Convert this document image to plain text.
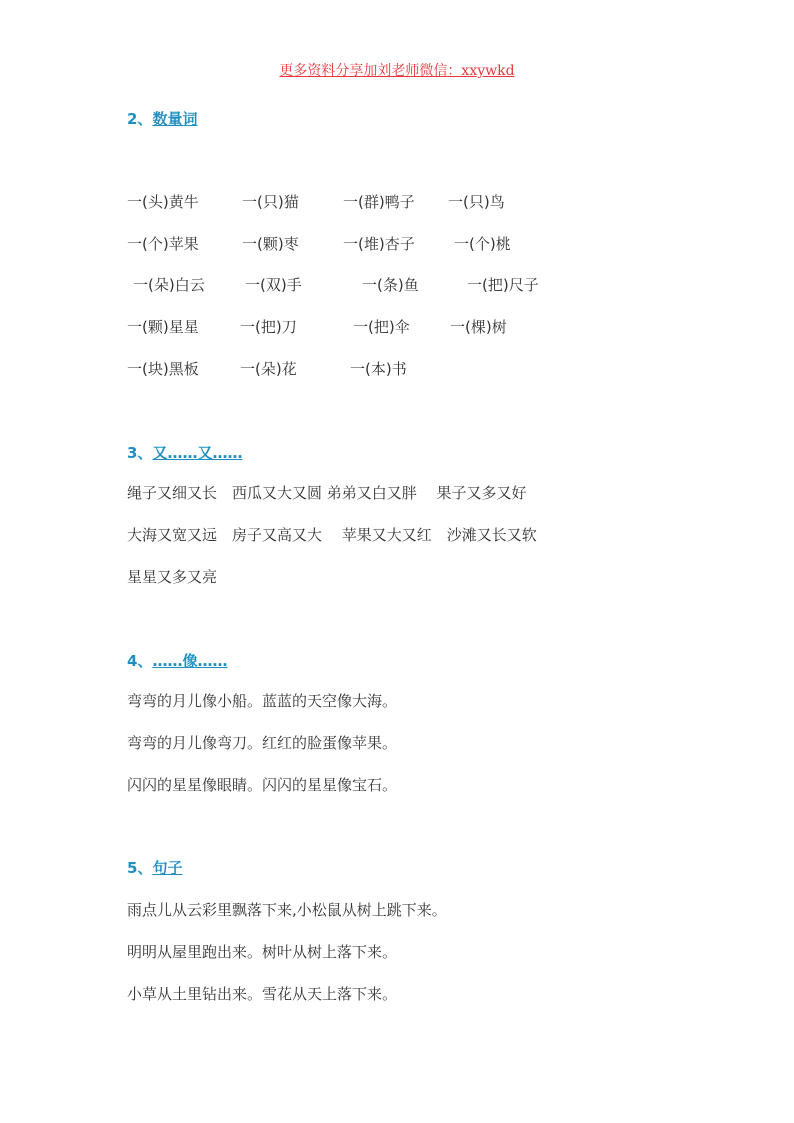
更多资料分享加刘老师微信：xxywkd
2、数量词
一(头)黄牛	一(只)猫	一(群)鸭子 一(只)鸟
一(个)苹果	一(颗)枣	一(堆)杏子	一(个)桃
一(朵)白云	一(双)手	一(条)鱼	一(把)尺子
一(颗)星星	一(把)刀	一(把)伞	一(棵)树
一(块)黑板	一(朵)花	一(本)书
3、又……又……
绳子又细又长　西瓜又大又圆 弟弟又白又胖　 果子又多又好
大海又宽又远　房子又高又大　 苹果又大又红　沙滩又长又软
星星又多又亮
4、……像……
弯弯的月儿像小船。蓝蓝的天空像大海。
弯弯的月儿像弯刀。红红的脸蛋像苹果。
闪闪的星星像眼睛。闪闪的星星像宝石。
5、句子
雨点儿从云彩里飘落下来,小松鼠从树上跳下来。
明明从屋里跑出来。树叶从树上落下来。
小草从土里钻出来。雪花从天上落下来。
